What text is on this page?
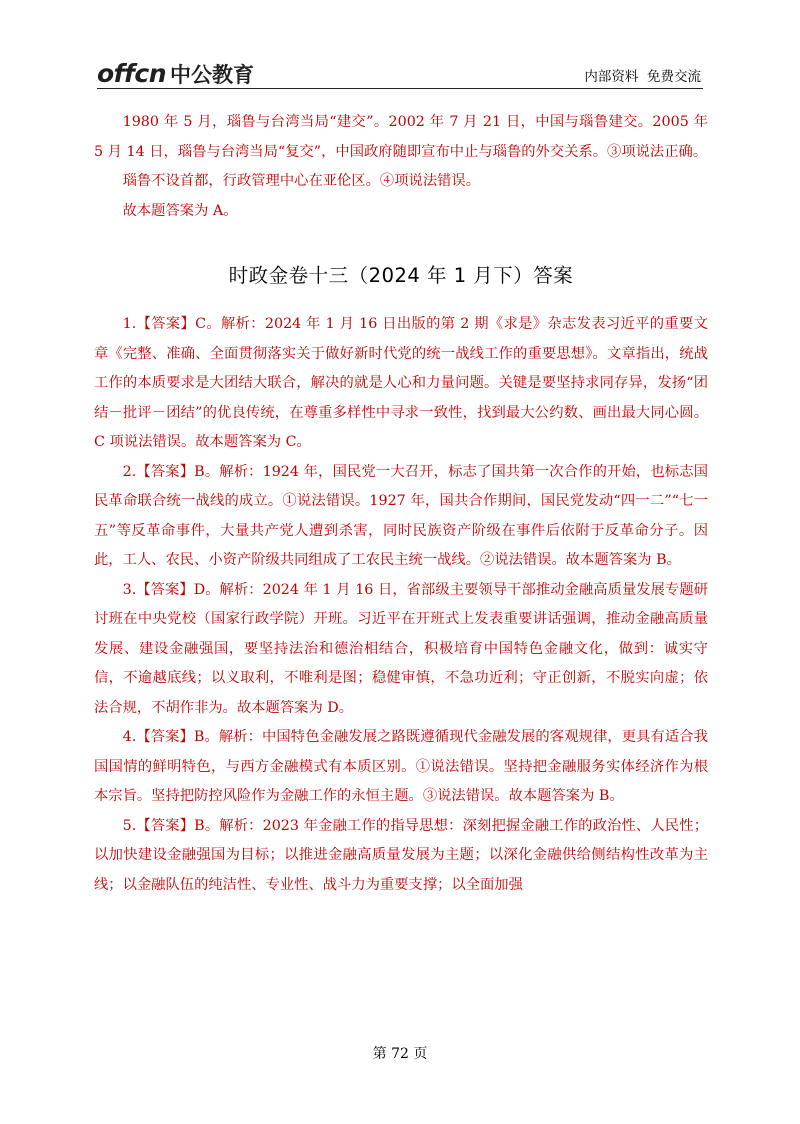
offcn 中公教育	内部资料  免费交流

1980 年 5 月，瑙鲁与台湾当局“建交”。2002 年 7 月 21 日，中国与瑙鲁建交。2005 年 5 月 14 日，瑙鲁与台湾当局“复交”，中国政府随即宣布中止与瑙鲁的外交关系。③项说法正确。

瑙鲁不设首都，行政管理中心在亚伦区。④项说法错误。

故本题答案为 A。

时政金卷十三（2024 年 1 月下）答案

1.【答案】C。解析：2024 年 1 月 16 日出版的第 2 期《求是》杂志发表习近平的重要文章《完整、准确、全面贯彻落实关于做好新时代党的统一战线工作的重要思想》。文章指出，统战工作的本质要求是大团结大联合，解决的就是人心和力量问题。关键是要坚持求同存异，发扬“团结－批评－团结”的优良传统，在尊重多样性中寻求一致性，找到最大公约数、画出最大同心圆。C 项说法错误。故本题答案为 C。

2.【答案】B。解析：1924 年，国民党一大召开，标志了国共第一次合作的开始，也标志国民革命联合统一战线的成立。①说法错误。1927 年，国共合作期间，国民党发动“四一二”“七一五”等反革命事件，大量共产党人遭到杀害，同时民族资产阶级在事件后依附于反革命分子。因此，工人、农民、小资产阶级共同组成了工农民主统一战线。②说法错误。故本题答案为 B。

3.【答案】D。解析：2024 年 1 月 16 日，省部级主要领导干部推动金融高质量发展专题研讨班在中央党校（国家行政学院）开班。习近平在开班式上发表重要讲话强调，推动金融高质量发展、建设金融强国，要坚持法治和德治相结合，积极培育中国特色金融文化，做到：诚实守信，不逾越底线；以义取利，不唯利是图；稳健审慎，不急功近利；守正创新，不脱实向虚；依法合规，不胡作非为。故本题答案为 D。

4.【答案】B。解析：中国特色金融发展之路既遵循现代金融发展的客观规律，更具有适合我国国情的鲜明特色，与西方金融模式有本质区别。①说法错误。坚持把金融服务实体经济作为根本宗旨。坚持把防控风险作为金融工作的永恒主题。③说法错误。故本题答案为 B。

5.【答案】B。解析：2023 年金融工作的指导思想：深刻把握金融工作的政治性、人民性；以加快建设金融强国为目标；以推进金融高质量发展为主题；以深化金融供给侧结构性改革为主线；以金融队伍的纯洁性、专业性、战斗力为重要支撑；以全面加强

第 72 页
